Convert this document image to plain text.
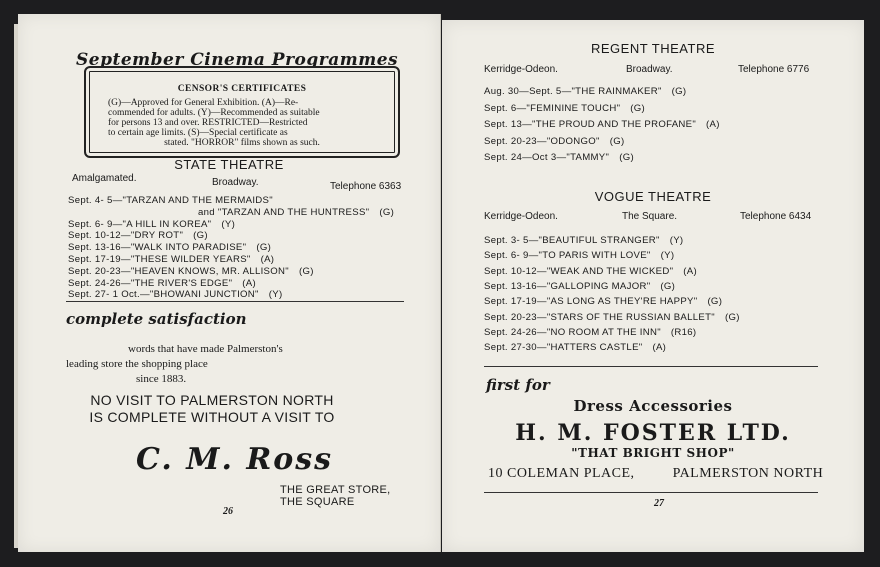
September Cinema Programmes
CENSOR'S CERTIFICATES
(G)—Approved for General Exhibition. (A)—Re-
commended for adults. (Y)—Recommended as suitable
for persons 13 and over. RESTRICTED—Restricted
to certain age limits. (S)—Special certificate as
stated. "HORROR" films shown as such.
STATE THEATRE
Amalgamated.	Broadway.	Telephone 6363
Sept. 4- 5—"TARZAN AND THE MERMAIDS"
and "TARZAN AND THE HUNTRESS" (G)
Sept. 6- 9—"A HILL IN KOREA" (Y)
Sept. 10-12—"DRY ROT" (G)
Sept. 13-16—"WALK INTO PARADISE" (G)
Sept. 17-19—"THESE WILDER YEARS" (A)
Sept. 20-23—"HEAVEN KNOWS, MR. ALLISON" (G)
Sept. 24-26—"THE RIVER'S EDGE" (A)
Sept. 27- 1 Oct.—"BHOWANI JUNCTION" (Y)
complete satisfaction
words that have made Palmerston's
leading store the shopping place
since 1883.
NO VISIT TO PALMERSTON NORTH
IS COMPLETE WITHOUT A VISIT TO
C. M. Ross
THE GREAT STORE,
THE SQUARE
26
REGENT THEATRE
Kerridge-Odeon.	Broadway.	Telephone 6776
Aug. 30—Sept. 5—"THE RAINMAKER" (G)
Sept. 6—"FEMININE TOUCH" (G)
Sept. 13—"THE PROUD AND THE PROFANE" (A)
Sept. 20-23—"ODONGO" (G)
Sept. 24—Oct 3—"TAMMY" (G)
VOGUE THEATRE
Kerridge-Odeon.	The Square.	Telephone 6434
Sept. 3- 5—"BEAUTIFUL STRANGER" (Y)
Sept. 6- 9—"TO PARIS WITH LOVE" (Y)
Sept. 10-12—"WEAK AND THE WICKED" (A)
Sept. 13-16—"GALLOPING MAJOR" (G)
Sept. 17-19—"AS LONG AS THEY'RE HAPPY" (G)
Sept. 20-23—"STARS OF THE RUSSIAN BALLET" (G)
Sept. 24-26—"NO ROOM AT THE INN" (R16)
Sept. 27-30—"HATTERS CASTLE" (A)
first for
Dress Accessories
H. M. FOSTER LTD.
"THAT BRIGHT SHOP"
10 COLEMAN PLACE,	PALMERSTON NORTH
27
